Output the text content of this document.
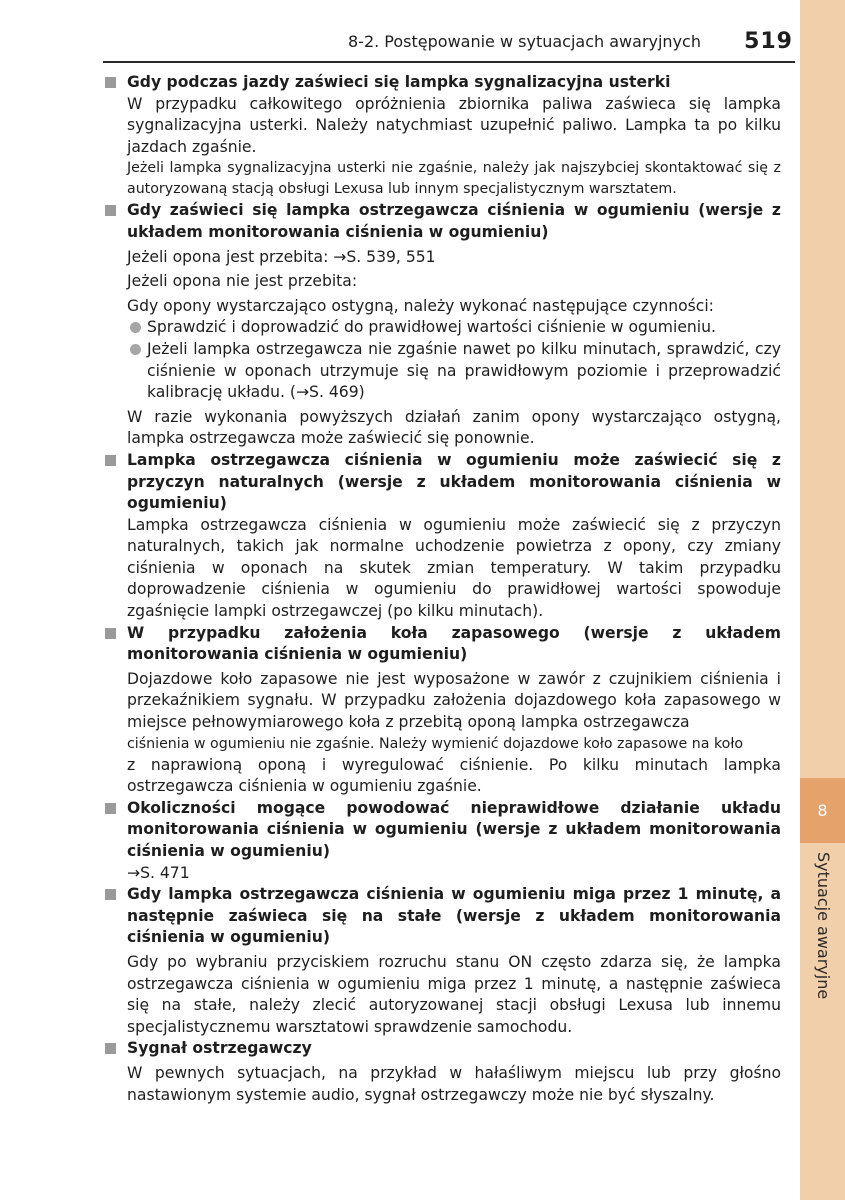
8
Sytuacje awaryjne
8-2. Postępowanie w sytuacjach awaryjnych 519
Gdy podczas jazdy zaświeci się lampka sygnalizacyjna usterki

W przypadku całkowitego opróżnienia zbiornika paliwa zaświeca się lampka sygnalizacyjna usterki. Należy natychmiast uzupełnić paliwo. Lampka ta po kilku jazdach zgaśnie.

Jeżeli lampka sygnalizacyjna usterki nie zgaśnie, należy jak najszybciej skontaktować się z autoryzowaną stacją obsługi Lexusa lub innym specjalistycznym warsztatem.

Gdy zaświeci się lampka ostrzegawcza ciśnienia w ogumieniu (wersje z układem monitorowania ciśnienia w ogumieniu)

Jeżeli opona jest przebita: →S. 539, 551

Jeżeli opona nie jest przebita:

Gdy opony wystarczająco ostygną, należy wykonać następujące czynności:

Sprawdzić i doprowadzić do prawidłowej wartości ciśnienie w ogumieniu.
Jeżeli lampka ostrzegawcza nie zgaśnie nawet po kilku minutach, sprawdzić, czy ciśnienie w oponach utrzymuje się na prawidłowym poziomie i przeprowadzić kalibrację układu. (→S. 469)

W razie wykonania powyższych działań zanim opony wystarczająco ostygną, lampka ostrzegawcza może zaświecić się ponownie.

Lampka ostrzegawcza ciśnienia w ogumieniu może zaświecić się z przyczyn naturalnych (wersje z układem monitorowania ciśnienia w ogumieniu)

Lampka ostrzegawcza ciśnienia w ogumieniu może zaświecić się z przyczyn naturalnych, takich jak normalne uchodzenie powietrza z opony, czy zmiany ciśnienia w oponach na skutek zmian temperatury. W takim przypadku doprowadzenie ciśnienia w ogumieniu do prawidłowej wartości spowoduje zgaśnięcie lampki ostrzegawczej (po kilku minutach).

W przypadku założenia koła zapasowego (wersje z układem monitorowania ciśnienia w ogumieniu)

Dojazdowe koło zapasowe nie jest wyposażone w zawór z czujnikiem ciśnienia i przekaźnikiem sygnału. W przypadku założenia dojazdowego koła zapasowego w miejsce pełnowymiarowego koła z przebitą oponą lampka ostrzegawcza

ciśnienia w ogumieniu nie zgaśnie. Należy wymienić dojazdowe koło zapasowe na koło

z naprawioną oponą i wyregulować ciśnienie. Po kilku minutach lampka ostrzegawcza ciśnienia w ogumieniu zgaśnie.

Okoliczności mogące powodować nieprawidłowe działanie układu monitorowania ciśnienia w ogumieniu (wersje z układem monitorowania ciśnienia w ogumieniu)

→S. 471

Gdy lampka ostrzegawcza ciśnienia w ogumieniu miga przez 1 minutę, a następnie zaświeca się na stałe (wersje z układem monitorowania ciśnienia w ogumieniu)

Gdy po wybraniu przyciskiem rozruchu stanu ON często zdarza się, że lampka ostrzegawcza ciśnienia w ogumieniu miga przez 1 minutę, a następnie zaświeca się na stałe, należy zlecić autoryzowanej stacji obsługi Lexusa lub innemu specjalistycznemu warsztatowi sprawdzenie samochodu.

Sygnał ostrzegawczy

W pewnych sytuacjach, na przykład w hałaśliwym miejscu lub przy głośno nastawionym systemie audio, sygnał ostrzegawczy może nie być słyszalny.
